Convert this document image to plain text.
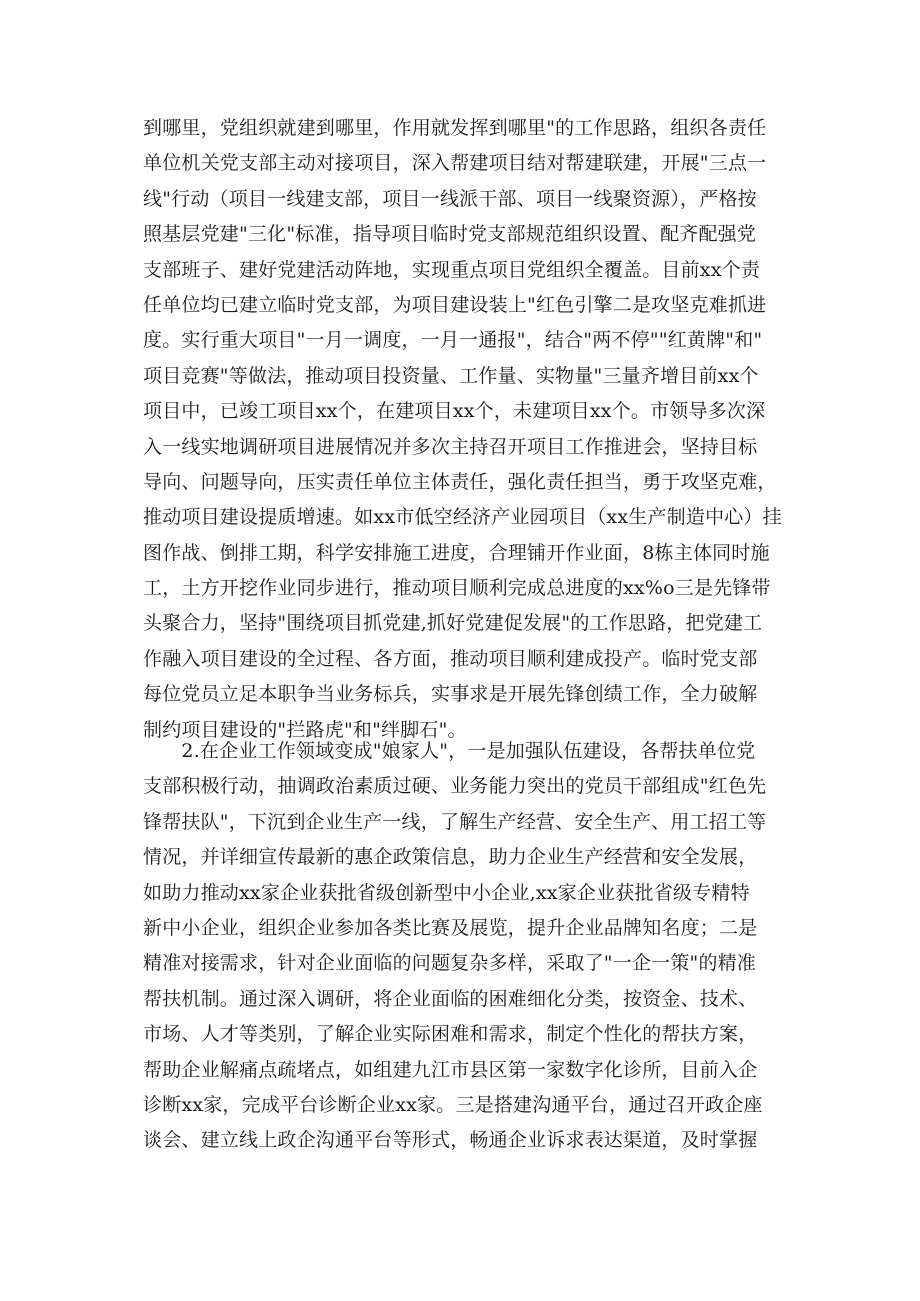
到哪里，党组织就建到哪里，作用就发挥到哪里"的工作思路，组织各责任
单位机关党支部主动对接项目，深入帮建项目结对帮建联建，开展"三点一
线"行动（项目一线建支部，项目一线派干部、项目一线聚资源），严格按
照基层党建"三化"标准，指导项目临时党支部规范组织设置、配齐配强党
支部班子、建好党建活动阵地，实现重点项目党组织全覆盖。目前xx个责
任单位均已建立临时党支部，为项目建设装上"红色引擎二是攻坚克难抓进
度。实行重大项目"一月一调度，一月一通报"，结合"两不停""红黄牌"和"
项目竞赛"等做法，推动项目投资量、工作量、实物量"三量齐增目前xx个
项目中，已竣工项目xx个，在建项目xx个，未建项目xx个。市领导多次深
入一线实地调研项目进展情况并多次主持召开项目工作推进会，坚持目标
导向、问题导向，压实责任单位主体责任，强化责任担当，勇于攻坚克难，
推动项目建设提质增速。如xx市低空经济产业园项目（xx生产制造中心）挂
图作战、倒排工期，科学安排施工进度，合理铺开作业面，8栋主体同时施
工，土方开挖作业同步进行，推动项目顺利完成总进度的xx%o三是先锋带
头聚合力，坚持"围绕项目抓党建,抓好党建促发展"的工作思路，把党建工
作融入项目建设的全过程、各方面，推动项目顺利建成投产。临时党支部
每位党员立足本职争当业务标兵，实事求是开展先锋创绩工作，全力破解
制约项目建设的"拦路虎"和"绊脚石"。
　　2.在企业工作领域变成"娘家人"，一是加强队伍建设，各帮扶单位党
支部积极行动，抽调政治素质过硬、业务能力突出的党员干部组成"红色先
锋帮扶队"，下沉到企业生产一线，了解生产经营、安全生产、用工招工等
情况，并详细宣传最新的惠企政策信息，助力企业生产经营和安全发展，
如助力推动xx家企业获批省级创新型中小企业,xx家企业获批省级专精特
新中小企业，组织企业参加各类比赛及展览，提升企业品牌知名度；二是
精准对接需求，针对企业面临的问题复杂多样，采取了"一企一策"的精准
帮扶机制。通过深入调研，将企业面临的困难细化分类，按资金、技术、
市场、人才等类别，了解企业实际困难和需求，制定个性化的帮扶方案，
帮助企业解痛点疏堵点，如组建九江市县区第一家数字化诊所，目前入企
诊断xx家，完成平台诊断企业xx家。三是搭建沟通平台，通过召开政企座
谈会、建立线上政企沟通平台等形式，畅通企业诉求表达渠道，及时掌握
